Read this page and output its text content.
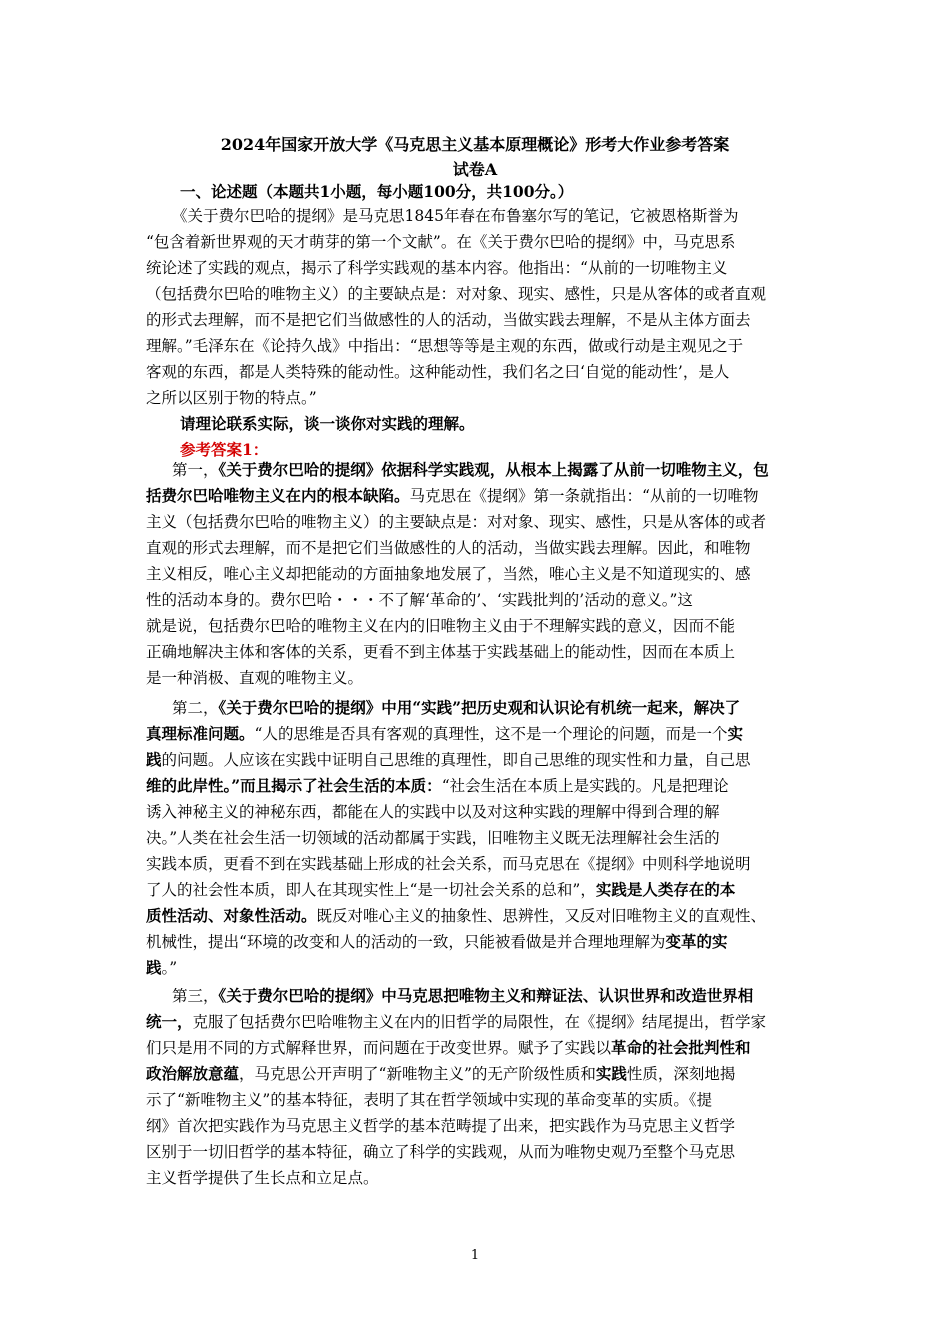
2024年国家开放大学《马克思主义基本原理概论》形考大作业参考答案
试卷A
一、论述题（本题共1小题，每小题100分，共100分。）
《关于费尔巴哈的提纲》是马克思1845年春在布鲁塞尔写的笔记，它被恩格斯誉为
“包含着新世界观的天才萌芽的第一个文献”。在《关于费尔巴哈的提纲》中，马克思系
统论述了实践的观点，揭示了科学实践观的基本内容。他指出：“从前的一切唯物主义
（包括费尔巴哈的唯物主义）的主要缺点是：对对象、现实、感性，只是从客体的或者直观
的形式去理解，而不是把它们当做感性的人的活动，当做实践去理解，不是从主体方面去
理解。”毛泽东在《论持久战》中指出：“思想等等是主观的东西，做或行动是主观见之于
客观的东西，都是人类特殊的能动性。这种能动性，我们名之曰‘自觉的能动性’，是人
之所以区别于物的特点。”
请理论联系实际，谈一谈你对实践的理解。
参考答案1：
第一，《关于费尔巴哈的提纲》依据科学实践观，从根本上揭露了从前一切唯物主义，包
括费尔巴哈唯物主义在内的根本缺陷。马克思在《提纲》第一条就指出：“从前的一切唯物
主义（包括费尔巴哈的唯物主义）的主要缺点是：对对象、现实、感性，只是从客体的或者
直观的形式去理解，而不是把它们当做感性的人的活动，当做实践去理解。因此，和唯物
主义相反，唯心主义却把能动的方面抽象地发展了，当然，唯心主义是不知道现实的、感
性的活动本身的。费尔巴哈・・・不了解‘革命的’、‘实践批判的’活动的意义。”这
就是说，包括费尔巴哈的唯物主义在内的旧唯物主义由于不理解实践的意义，因而不能
正确地解决主体和客体的关系，更看不到主体基于实践基础上的能动性，因而在本质上
是一种消极、直观的唯物主义。
第二，《关于费尔巴哈的提纲》中用“实践”把历史观和认识论有机统一起来，解决了
真理标准问题。“人的思维是否具有客观的真理性，这不是一个理论的问题，而是一个实
践的问题。人应该在实践中证明自己思维的真理性，即自己思维的现实性和力量，自己思
维的此岸性。”而且揭示了社会生活的本质：“社会生活在本质上是实践的。凡是把理论
诱入神秘主义的神秘东西，都能在人的实践中以及对这种实践的理解中得到合理的解
决。”人类在社会生活一切领域的活动都属于实践，旧唯物主义既无法理解社会生活的
实践本质，更看不到在实践基础上形成的社会关系，而马克思在《提纲》中则科学地说明
了人的社会性本质，即人在其现实性上“是一切社会关系的总和”，实践是人类存在的本
质性活动、对象性活动。既反对唯心主义的抽象性、思辨性，又反对旧唯物主义的直观性、
机械性，提出“环境的改变和人的活动的一致，只能被看做是并合理地理解为变革的实
践。”
第三，《关于费尔巴哈的提纲》中马克思把唯物主义和辩证法、认识世界和改造世界相
统一，克服了包括费尔巴哈唯物主义在内的旧哲学的局限性，在《提纲》结尾提出，哲学家
们只是用不同的方式解释世界，而问题在于改变世界。赋予了实践以革命的社会批判性和
政治解放意蕴，马克思公开声明了“新唯物主义”的无产阶级性质和实践性质，深刻地揭
示了“新唯物主义”的基本特征，表明了其在哲学领域中实现的革命变革的实质。《提
纲》首次把实践作为马克思主义哲学的基本范畴提了出来，把实践作为马克思主义哲学
区别于一切旧哲学的基本特征，确立了科学的实践观，从而为唯物史观乃至整个马克思
主义哲学提供了生长点和立足点。
1
